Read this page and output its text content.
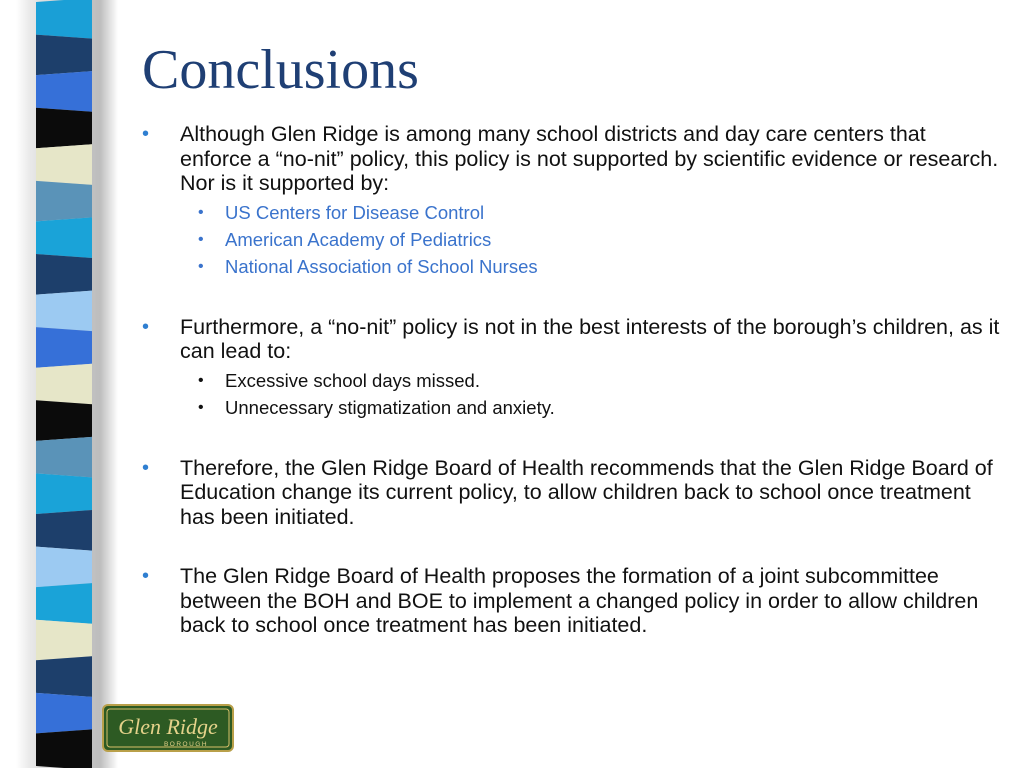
Conclusions
• Although Glen Ridge is among many school districts and day care centers that enforce a “no-nit” policy, this policy is not supported by scientific evidence or research. Nor is it supported by:
• US Centers for Disease Control
• American Academy of Pediatrics
• National Association of School Nurses
• Furthermore, a “no-nit” policy is not in the best interests of the borough’s children, as it can lead to:
• Excessive school days missed.
• Unnecessary stigmatization and anxiety.
• Therefore, the Glen Ridge Board of Health recommends that the Glen Ridge Board of Education change its current policy, to allow children back to school once treatment has been initiated.
• The Glen Ridge Board of Health proposes the formation of a joint subcommittee between the BOH and BOE to implement a changed policy in order to allow children back to school once treatment has been initiated.
Glen Ridge
BOROUGH
